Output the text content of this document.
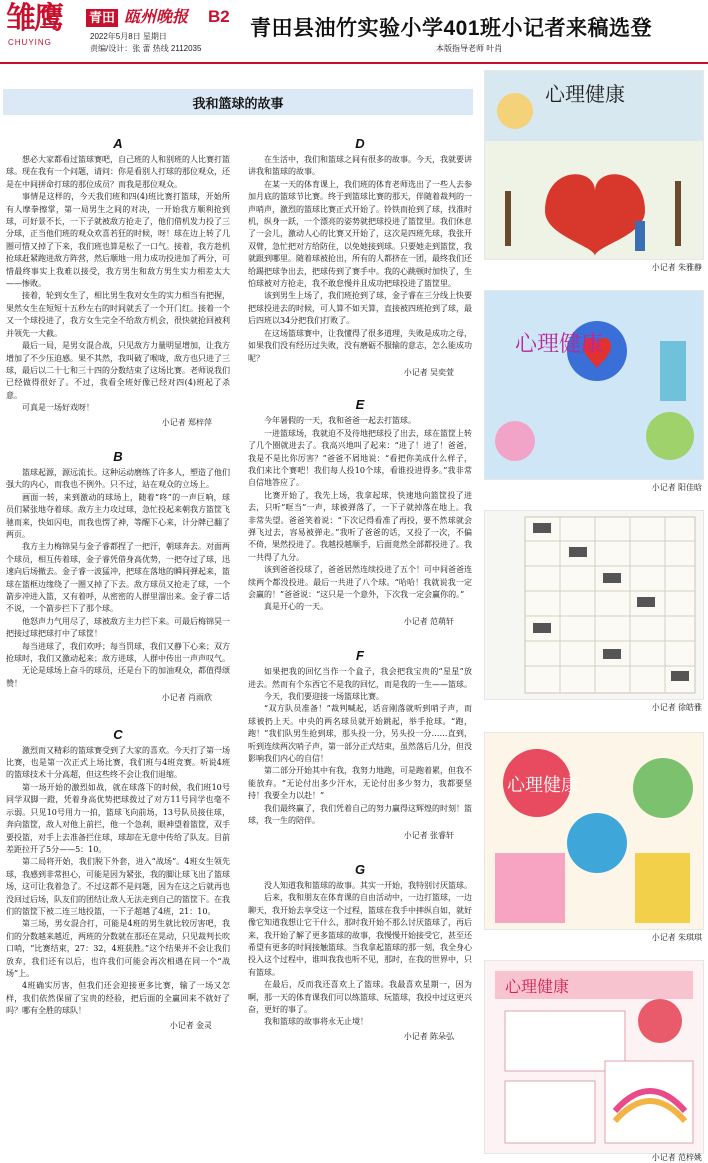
雏鹰
CHUYING
青田 瓯州晚报 B2
2022年5月8日 星期日
责编/设计：张 蕾 热线 2112035
青田县油竹实验小学401班小记者来稿选登
本版指导老师 叶肖
我和篮球的故事
A

想必大家都看过篮球赛吧，自己班的人和别班的人比赛打篮球。现在我有一个问题，请问：你是看别人打球的那位观众，还是在中间拼命打球的那位成员？而我是那位观众。

事情是这样的，今天我们班和四(4)班比赛打篮球，开始所有人摩拳擦掌，第一局男生之间的对决，一开始我方顺利抢到球，可好景不长，一下子就被敌方抢走了，他们借机发力投了三分球，正当他们班的观众欢喜若狂的时候，呀！球在边上转了几圈可惜又掉了下来，我们班也算是松了一口气。接着，我方趁机抢球赶紧跑进敌方阵营，然后顺地一用力成功投进加了两分，可惜最终事实上我难以接受，我方男生和敌方男生实力相差太大——惨败。

接着，轮到女生了，相比男生我对女生的实力相当有把握，果然女生在短短十五秒左右的时间就丢了一个开门红。接着一个又一个球投进了，我方女生完全不给敌方机会，很快就抢回被利并领先一大截。

最后一局，是男女混合战，只见敌方力量明显增加，让我方增加了不少压迫感。果不其然，我叫破了喉咙，敌方也只进了三球，最后以二十七和三十四的分数结束了这场比赛。老师说我们已经做得很好了。不过，我看全班好像已经对四(4)班起了杀意。

可真是一场好戏呀！

小记者 郑梓萍
B

篮球起源，源远流长。这种运动磨练了许多人，塑造了他们强大的内心，而我也不例外。只不过，站在观众的立场上。

画面一转，来到激动的球场上，随着“咚”的一声巨响，球员们紧张地夺着球。敌方主力攻过球，急忙投起来朝我方篮筐飞驰而来，快如闪电，而我也愣了神，等醒下心来，计分牌已翻了两页。

我方主力梅锦昊与金子睿都捏了一把汗，朝球奔去。对面两个球员，相互传着球，金子睿凭借身高优势，一把夺过了球，迅速向后场撤去。金子睿一波猛冲，把球在落地的瞬间弹起来，篮球在篮框边缘绕了一圈又掉了下去。敌方球员又抢走了球，一个箭步冲进入篮，又有着呼，从密密的人群里溜出来。金子睿二话不说，一个箭步拦下了那个球。

他怒声力气用尽了，球被敌方主力拦下来。可最后梅锦昊一把接过球把球打中了球筐！

每当进球了，我们欢呼；每当罚球，我们又静下心来；双方抢球时，我们又激动起来；敌方进球，人群中传出一声声叹气。

无论是球场上奋斗的球员，还是台下的加油观众，都值得颂赞！

小记者 肖雨欣
C

激烈而又精彩的篮球赛受到了大家的喜欢。今天打了第一场比赛，也是第一次正式上场比赛，我们班与4班竞赛。听说4班的篮球技术十分高超，但这些终不会让我们退缩。

第一场开始的激烈如战，就在球落下的时候，我们班10号同学双脚一蹬，凭着身高优势把球拨过了对方11号同学也毫不示弱。只见10号用力一拍，篮球飞向前场，13号队员接住球，奔向篮筐，敌人对他上前拦，他一个急刹，眼神望着篮筐，双手要投篮，对手上去准备拦住球，球却在无意中传给了队友。目前差距拉开了5分——5：10。

第二局将开始，我们脱下外套，进入“战场”。4班女生领先球，我感到非常担心，可能是因为紧张，我的脚让球飞出了篮球场，这可让我着急了。不过这都不是问题，因为在这之后就再也没回过后场，队友们的团结让敌人无法走到自己的篮筐下。在我们的篮筐下被二连三地投篮，一下子超越了4班，21：10。

第三场，男女混合打，可能是4班的男生就比较厉害吧，我们的分数越来越近，两班的分数就在那还在晃动，只见裁判长吹口哨，“比赛结束，27：32，4班获胜。”这个结果并不会让我们放弃，我们还有以后，也许我们可能会再次相遇在同一个“战场”上。

4班确实厉害，但我们还会迎接更多比赛，输了一场又怎样，我们依然保留了宝贵的经验，把后面的全赢回来不就好了吗？哪有全胜的球队！

小记者 金灵
D

在生活中，我们和篮球之间有很多的故事。今天，我就要讲讲我和篮球的故事。

在某一天的体育课上，我们班的体育老师选出了一些人去参加月底的篮球节比赛。终于到篮球比赛的那天，伴随着裁判的一声哨声，激烈的篮球比赛正式开始了。铃铁而抢到了球，找准时机，纵身一跃，一个漂亮的姿势就把球投进了篮筐里。我们休息了一会儿，激动人心的比赛又开始了，这次是四班先球，我张开双臂，急忙把对方给防住，以免她接到球。只要她走到篮筐，我就跟到哪里。随着球被抢出，所有的人都挤在一团，最终我们还给踢把球争出去，把球传到了赛手中。我的心跳顿时加快了，生怕球被对方抢走，我不敢怠慢并且成功把球投进了篮筐里。

该到男生上场了，我们班抢到了球，金子睿在三分线上快要把球投进去的时候，可人算不如天算，直接被四班抢到了球，最后四班以34分把我们打败了。

在这场篮球赛中，让我懂得了很多道理，失败是成功之母，如果我们没有经历过失败，没有磨砺不服输的意志，怎么能成功呢？

小记者 吴奕萱
E

今年暑假的一天，我和爸爸一起去打篮球。

一进篮球场，我就迫不及待地把球投了出去，球在篮筐上转了几个圈就进去了。我高兴地叫了起来：“进了！进了！爸爸，我是不是比你厉害？”爸爸不屑地说：“看把你美成什么样子，我们来比个赛吧！我们每人投10个球，看谁投进得多。”我非常自信地答应了。

比赛开始了，我先上场，我拿起球，快速地向篮筐投了进去，只听“哐当”一声，球被弹落了，一下子就掉落在地上。我非常失望。爸爸笑着说：“下次记得看准了再投，要不然球就会弹飞过去，容易被弹走。”我听了爸爸的话，又投了一次，不偏不倚，果然投进了。我越投越顺手，后面竟然全部都投进了。我一共得了九分。

该到爸爸投球了，爸爸居然连续投进了五个！可中间爸爸连续两个都没投进。最后一共进了八个球。“哈哈！我就说我一定会赢的！”爸爸说：“这只是一个意外，下次我一定会赢你的。”

真是开心的一天。

小记者 范萌轩
F

如果把我的回忆当作一个盒子，我会把我宝贵的“星星”放进去。然而有个东西它不是我的回忆，而是我的一生——篮球。

今天，我们要迎接一场篮球比赛。

“双方队员准备！”裁判喊起，话音刚落就听到哨子声，而球被扔上天。中央的两名球员就开始跳起，举手抢球。“跑，跑！”我们队男生抢到球，那头投一分，另头投一分……直到，听到连续两次哨子声，第一部分正式结束，虽然落后几分，但没影响我们内心的自信！

第二部分开始其中有我，我努力地跑，可是跑着累，但我不能放弃。“无论付出多少汗水，无论付出多少努力，我都要坚持！我要全力以赴！”

我们最终赢了，我们凭着自己的努力赢得这辉煌的时刻！篮球，我一生的陪伴。

小记者 张睿轩
G

没人知道我和篮球的故事。其实一开始，我特别讨厌篮球。

后来，我和朋友在体育课的自由活动中，一边打篮球，一边聊天，我开始去享受这一个过程，篮球在我手中摔纵自如，就好像它知道我想让它干什么，那时我开始不那么讨厌篮球了，再后来，我开始了解了更多篮球的故事，我慢慢开始接受它，甚至还希望有更多的时间接触篮球。当我拿起篮球的那一刻，我全身心投入这个过程中，谁叫我我也听不见，那时，在我的世界中，只有篮球。

在最后，反而我还喜欢上了篮球。我最喜欢星期一，因为啊，那一天的体育课我们可以练篮球、玩篮球，我投中过这更兴奋，更好的事了。

我和篮球的故事将永无止境！

小记者 陈朵弘
心理健康
小记者 朱雅静
心理健康
小记者 阳佳晗
小记者 徐皓雅
心理健康
小记者 朱琪琪
心理健康
小记者 范梓姚
